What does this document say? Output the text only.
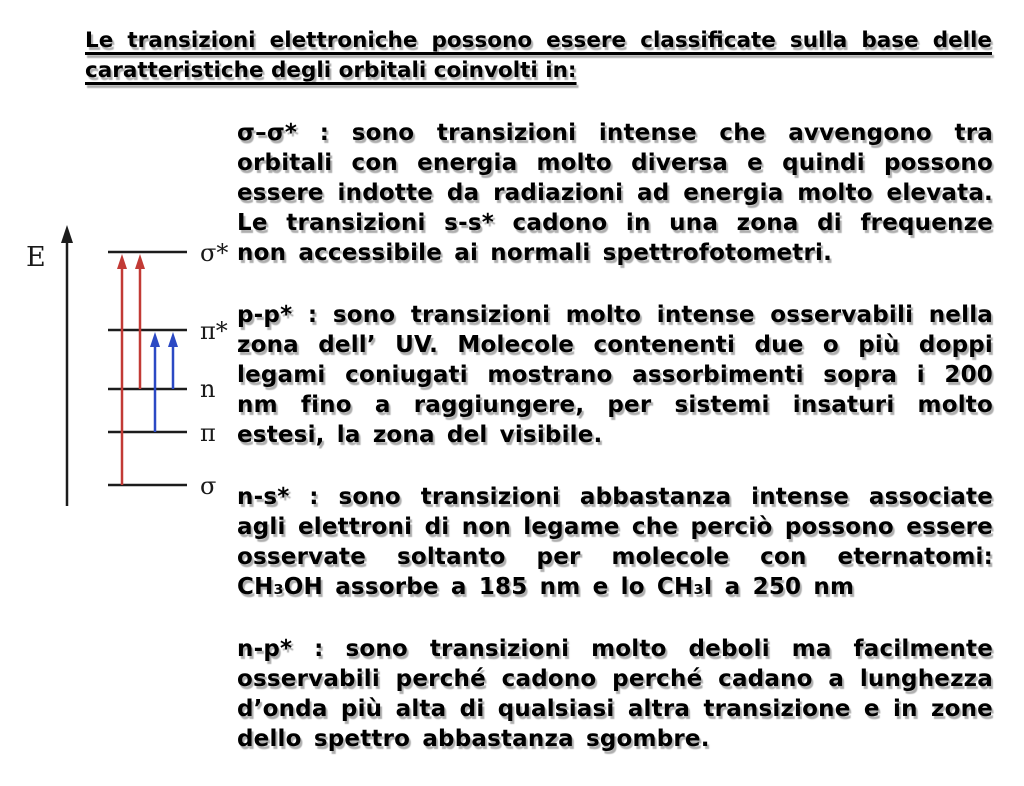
Le transizioni elettroniche possono essere classificate sulla base delle caratteristiche degli orbitali coinvolti in:
E	σ*
π*
n
π
σ

σ–σ* : sono transizioni intense che avvengono tra orbitali con energia molto diversa e quindi possono essere indotte da radiazioni ad energia molto elevata. Le transizioni s-s* cadono in una zona di frequenze non accessibile ai normali spettrofotometri.

p-p* : sono transizioni molto intense osservabili nella zona dell’ UV. Molecole contenenti due o più doppi legami coniugati mostrano assorbimenti sopra i 200 nm fino a raggiungere, per sistemi insaturi molto estesi, la zona del visibile.

n-s* : sono transizioni abbastanza intense associate agli elettroni di non legame che perciò possono essere osservate soltanto per molecole con eternatomi: CH₃OH assorbe a 185 nm e lo CH₃I a 250 nm

n-p* : sono transizioni molto deboli ma facilmente osservabili perché cadono perché cadano a lunghezza d’onda più alta di qualsiasi altra transizione e in zone dello spettro abbastanza sgombre.
